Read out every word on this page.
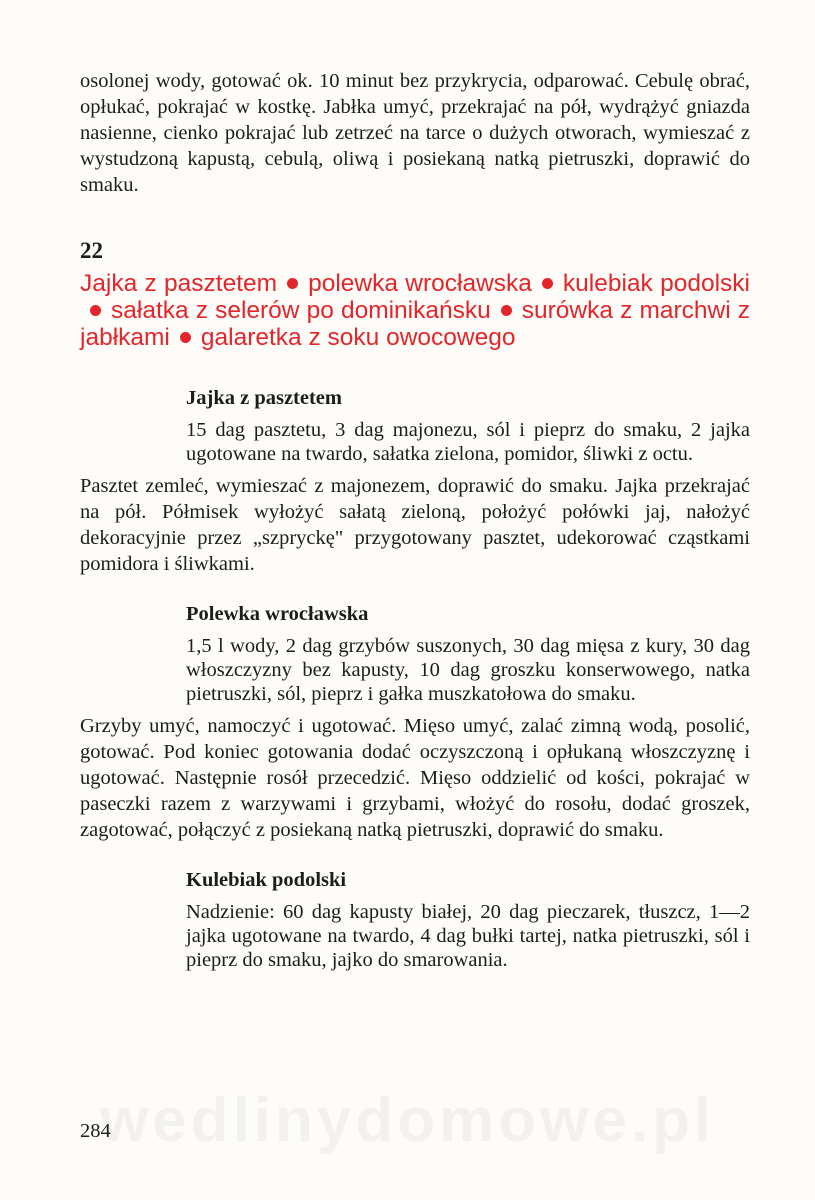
osolonej wody, gotować ok. 10 minut bez przykrycia, odparować. Cebulę obrać, opłukać, pokrajać w kostkę. Jabłka umyć, przekrajać na pół, wydrążyć gniazda nasienne, cienko pokrajać lub zetrzeć na tarce o dużych otworach, wymieszać z wystudzoną kapustą, cebulą, oliwą i posiekaną natką pietruszki, doprawić do smaku.

22

Jajka z pasztetem polewka wrocławska kulebiak podolskisałatka z selerów po dominikańsku surówka z marchwi z jabłkami galaretka z soku owocowego

Jajka z pasztetem

15 dag pasztetu, 3 dag majonezu, sól i pieprz do smaku, 2 jajka ugotowane na twardo, sałatka zielona, pomidor, śliwki z octu.

Pasztet zemleć, wymieszać z majonezem, doprawić do smaku. Jajka przekrajać na pół. Półmisek wyłożyć sałatą zieloną, położyć połówki jaj, nałożyć dekoracyjnie przez „szpryckę" przygotowany pasztet, udekorować cząstkami pomidora i śliwkami.

Polewka wrocławska

1,5 l wody, 2 dag grzybów suszonych, 30 dag mięsa z kury, 30 dag włoszczyzny bez kapusty, 10 dag groszku konserwowego, natka pietruszki, sól, pieprz i gałka muszkatołowa do smaku.

Grzyby umyć, namoczyć i ugotować. Mięso umyć, zalać zimną wodą, posolić, gotować. Pod koniec gotowania dodać oczyszczoną i opłukaną włoszczyznę i ugotować. Następnie rosół przecedzić. Mięso oddzielić od kości, pokrajać w paseczki razem z warzywami i grzybami, włożyć do rosołu, dodać groszek, zagotować, połączyć z posiekaną natką pietruszki, doprawić do smaku.

Kulebiak podolski

Nadzienie: 60 dag kapusty białej, 20 dag pieczarek, tłuszcz, 1—2 jajka ugotowane na twardo, 4 dag bułki tartej, natka pietruszki, sól i pieprz do smaku, jajko do smarowania.

284
